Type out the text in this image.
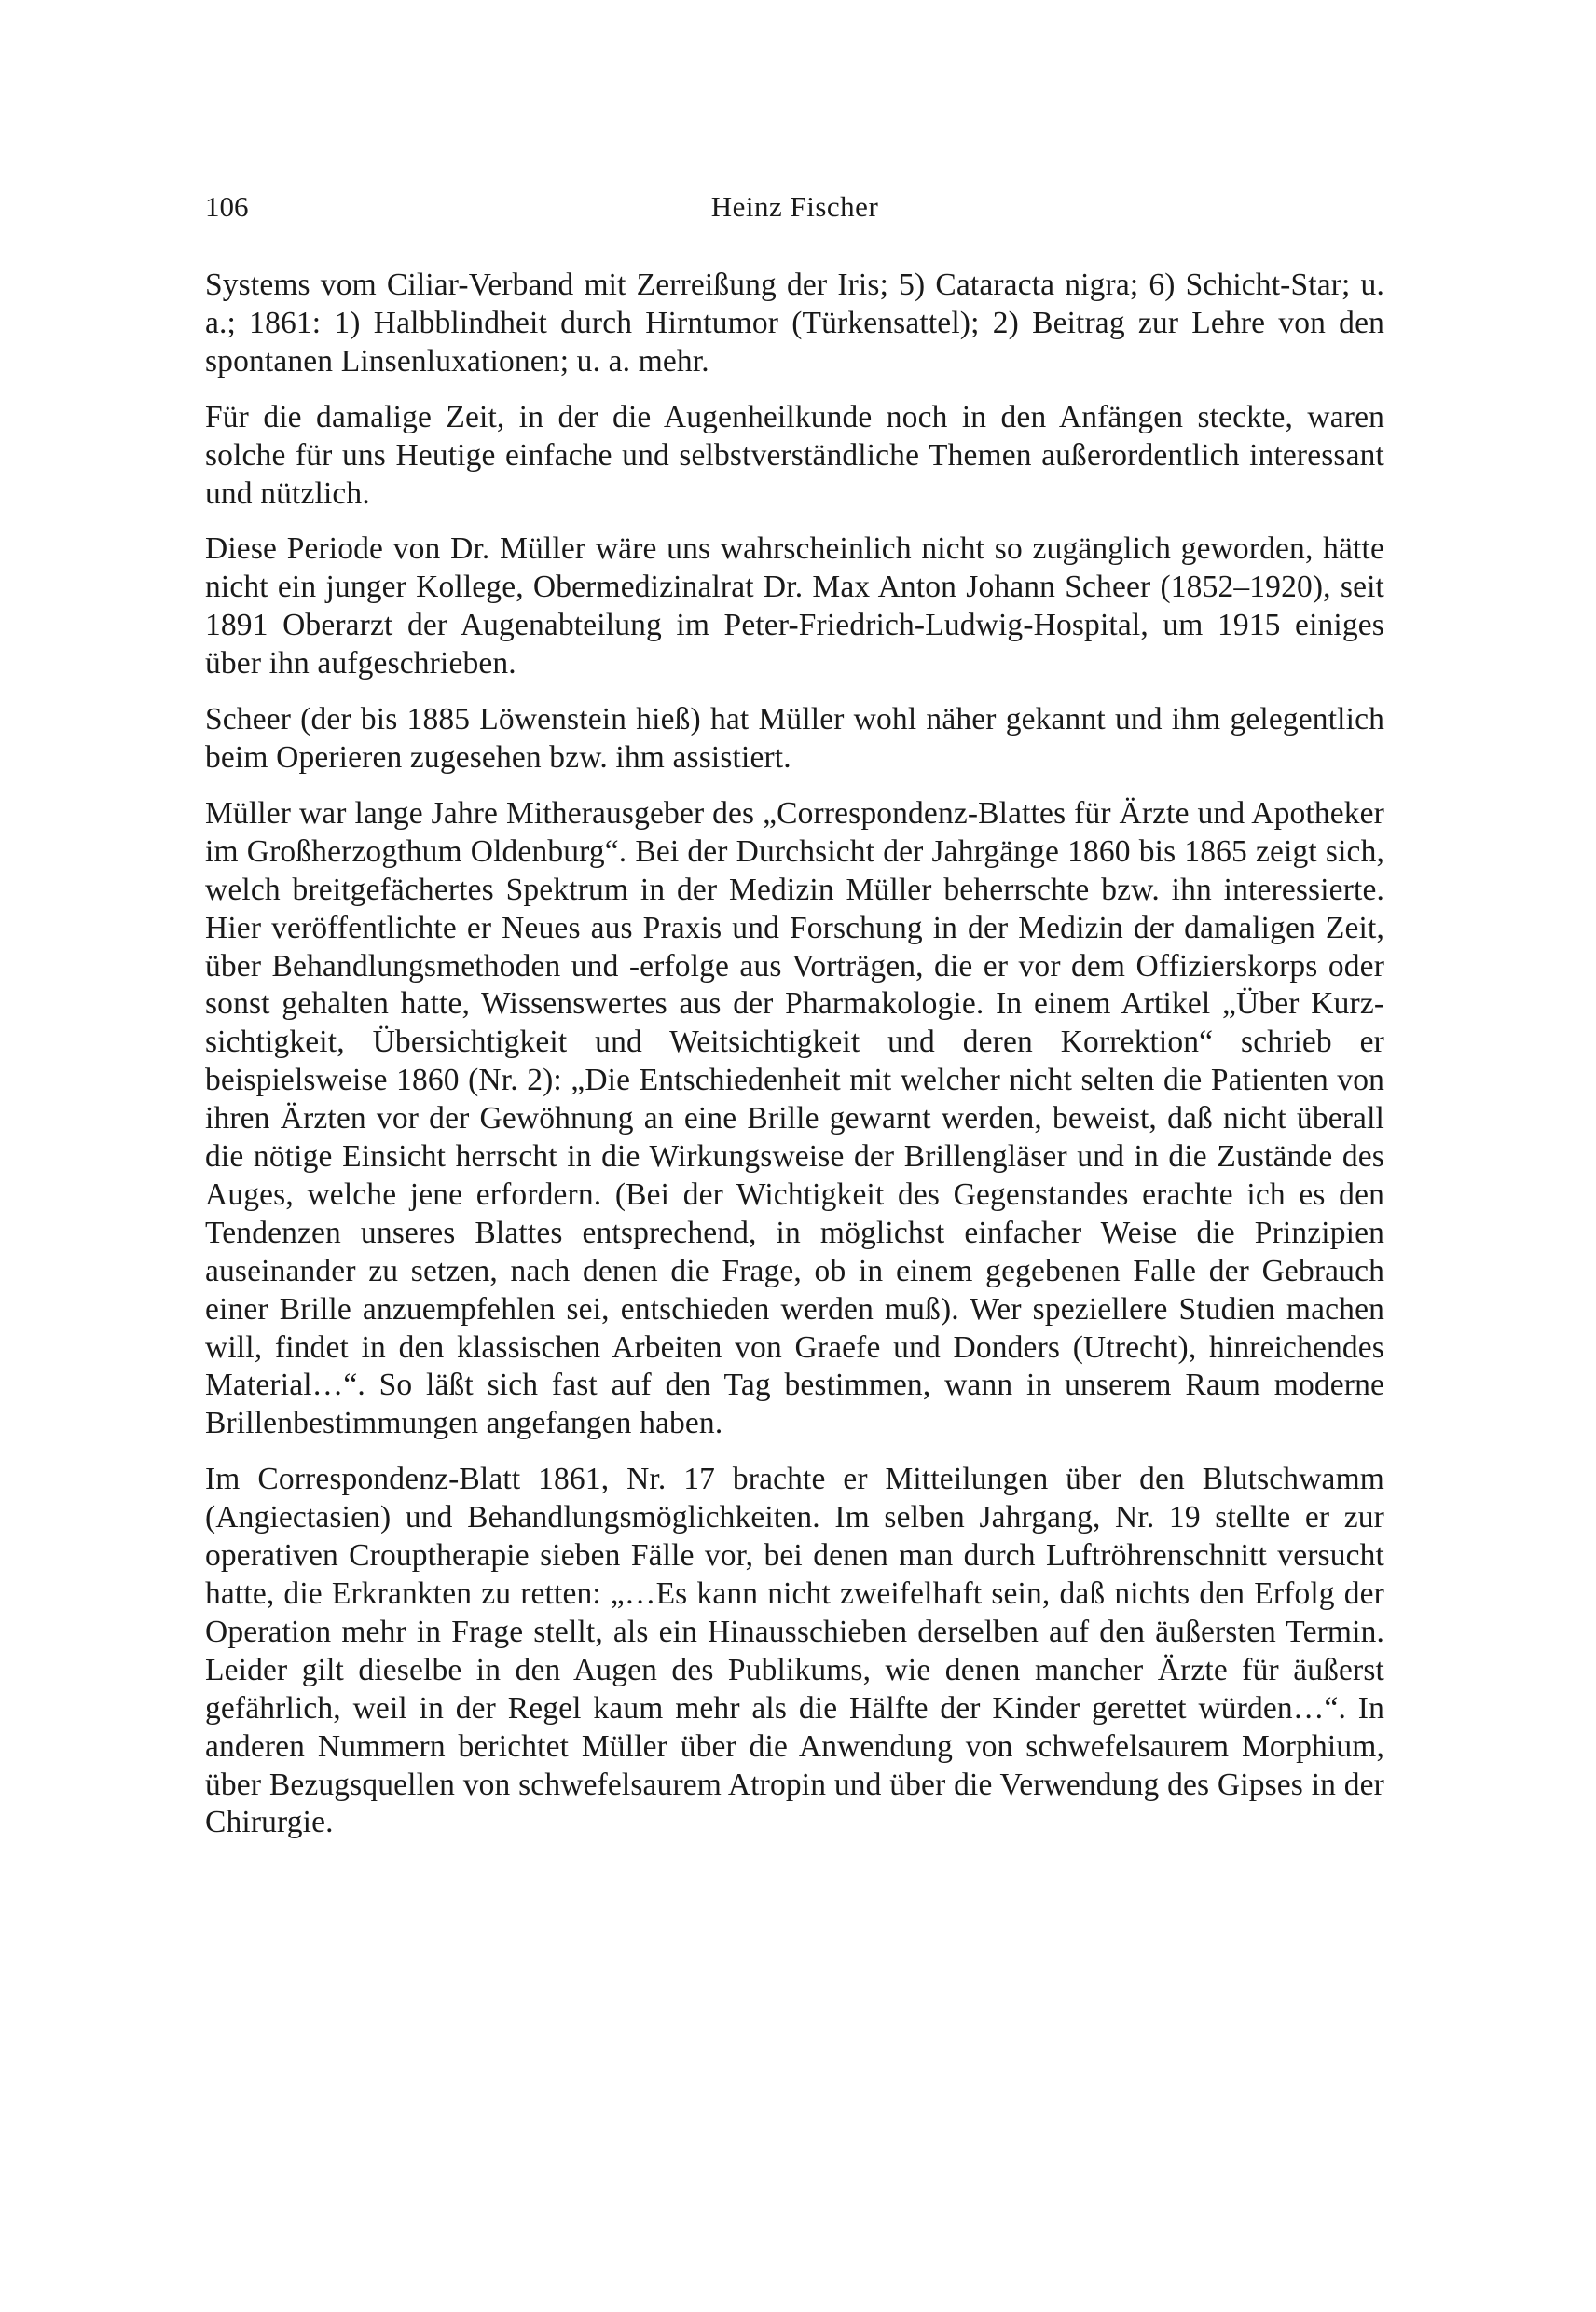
106	Heinz Fischer

Systems vom Ciliar-Verband mit Zerreißung der Iris; 5) Cataracta nigra; 6) Schicht-Star; u. a.; 1861: 1) Halbblindheit durch Hirntumor (Türkensattel); 2) Beitrag zur Lehre von den spontanen Linsenluxationen; u. a. mehr.

Für die damalige Zeit, in der die Augenheilkunde noch in den Anfängen steckte, waren solche für uns Heutige einfache und selbstverständliche Themen außerordentlich interessant und nützlich.

Diese Periode von Dr. Müller wäre uns wahrscheinlich nicht so zugänglich geworden, hätte nicht ein junger Kollege, Obermedizinalrat Dr. Max Anton Johann Scheer (1852–1920), seit 1891 Oberarzt der Augenabteilung im Peter-Friedrich-Ludwig-Hospital, um 1915 einiges über ihn aufgeschrieben.

Scheer (der bis 1885 Löwenstein hieß) hat Müller wohl näher gekannt und ihm gelegentlich beim Operieren zugesehen bzw. ihm assistiert.

Müller war lange Jahre Mitherausgeber des „Correspondenz-Blattes für Ärzte und Apotheker im Großherzogthum Oldenburg“. Bei der Durchsicht der Jahrgänge 1860 bis 1865 zeigt sich, welch breitgefächertes Spektrum in der Medizin Müller beherrschte bzw. ihn interessierte. Hier veröffentlichte er Neues aus Praxis und Forschung in der Medizin der damaligen Zeit, über Behandlungsmethoden und -erfolge aus Vorträgen, die er vor dem Offizierskorps oder sonst gehalten hatte, Wissenswertes aus der Pharmakologie. In einem Artikel „Über Kurzsichtigkeit, Übersichtigkeit und Weitsichtigkeit und deren Korrektion“ schrieb er beispielsweise 1860 (Nr. 2): „Die Entschiedenheit mit welcher nicht selten die Patienten von ihren Ärzten vor der Gewöhnung an eine Brille gewarnt werden, beweist, daß nicht überall die nötige Einsicht herrscht in die Wirkungsweise der Brillengläser und in die Zustände des Auges, welche jene erfordern. (Bei der Wichtigkeit des Gegenstandes erachte ich es den Tendenzen unseres Blattes entsprechend, in möglichst einfacher Weise die Prinzipien auseinander zu setzen, nach denen die Frage, ob in einem gegebenen Falle der Gebrauch einer Brille anzuempfehlen sei, entschieden werden muß). Wer speziellere Studien machen will, findet in den klassischen Arbeiten von Graefe und Donders (Utrecht), hinreichendes Material…“. So läßt sich fast auf den Tag bestimmen, wann in unserem Raum moderne Brillenbestimmungen angefangen haben.

Im Correspondenz-Blatt 1861, Nr. 17 brachte er Mitteilungen über den Blutschwamm (Angiectasien) und Behandlungsmöglichkeiten. Im selben Jahrgang, Nr. 19 stellte er zur operativen Crouptherapie sieben Fälle vor, bei denen man durch Luftröhrenschnitt versucht hatte, die Erkrankten zu retten: „…Es kann nicht zweifelhaft sein, daß nichts den Erfolg der Operation mehr in Frage stellt, als ein Hinausschieben derselben auf den äußersten Termin. Leider gilt dieselbe in den Augen des Publikums, wie denen mancher Ärzte für äußerst gefährlich, weil in der Regel kaum mehr als die Hälfte der Kinder gerettet würden…“. In anderen Nummern berichtet Müller über die Anwendung von schwefelsaurem Morphium, über Bezugsquellen von schwefelsaurem Atropin und über die Verwendung des Gipses in der Chirurgie.
